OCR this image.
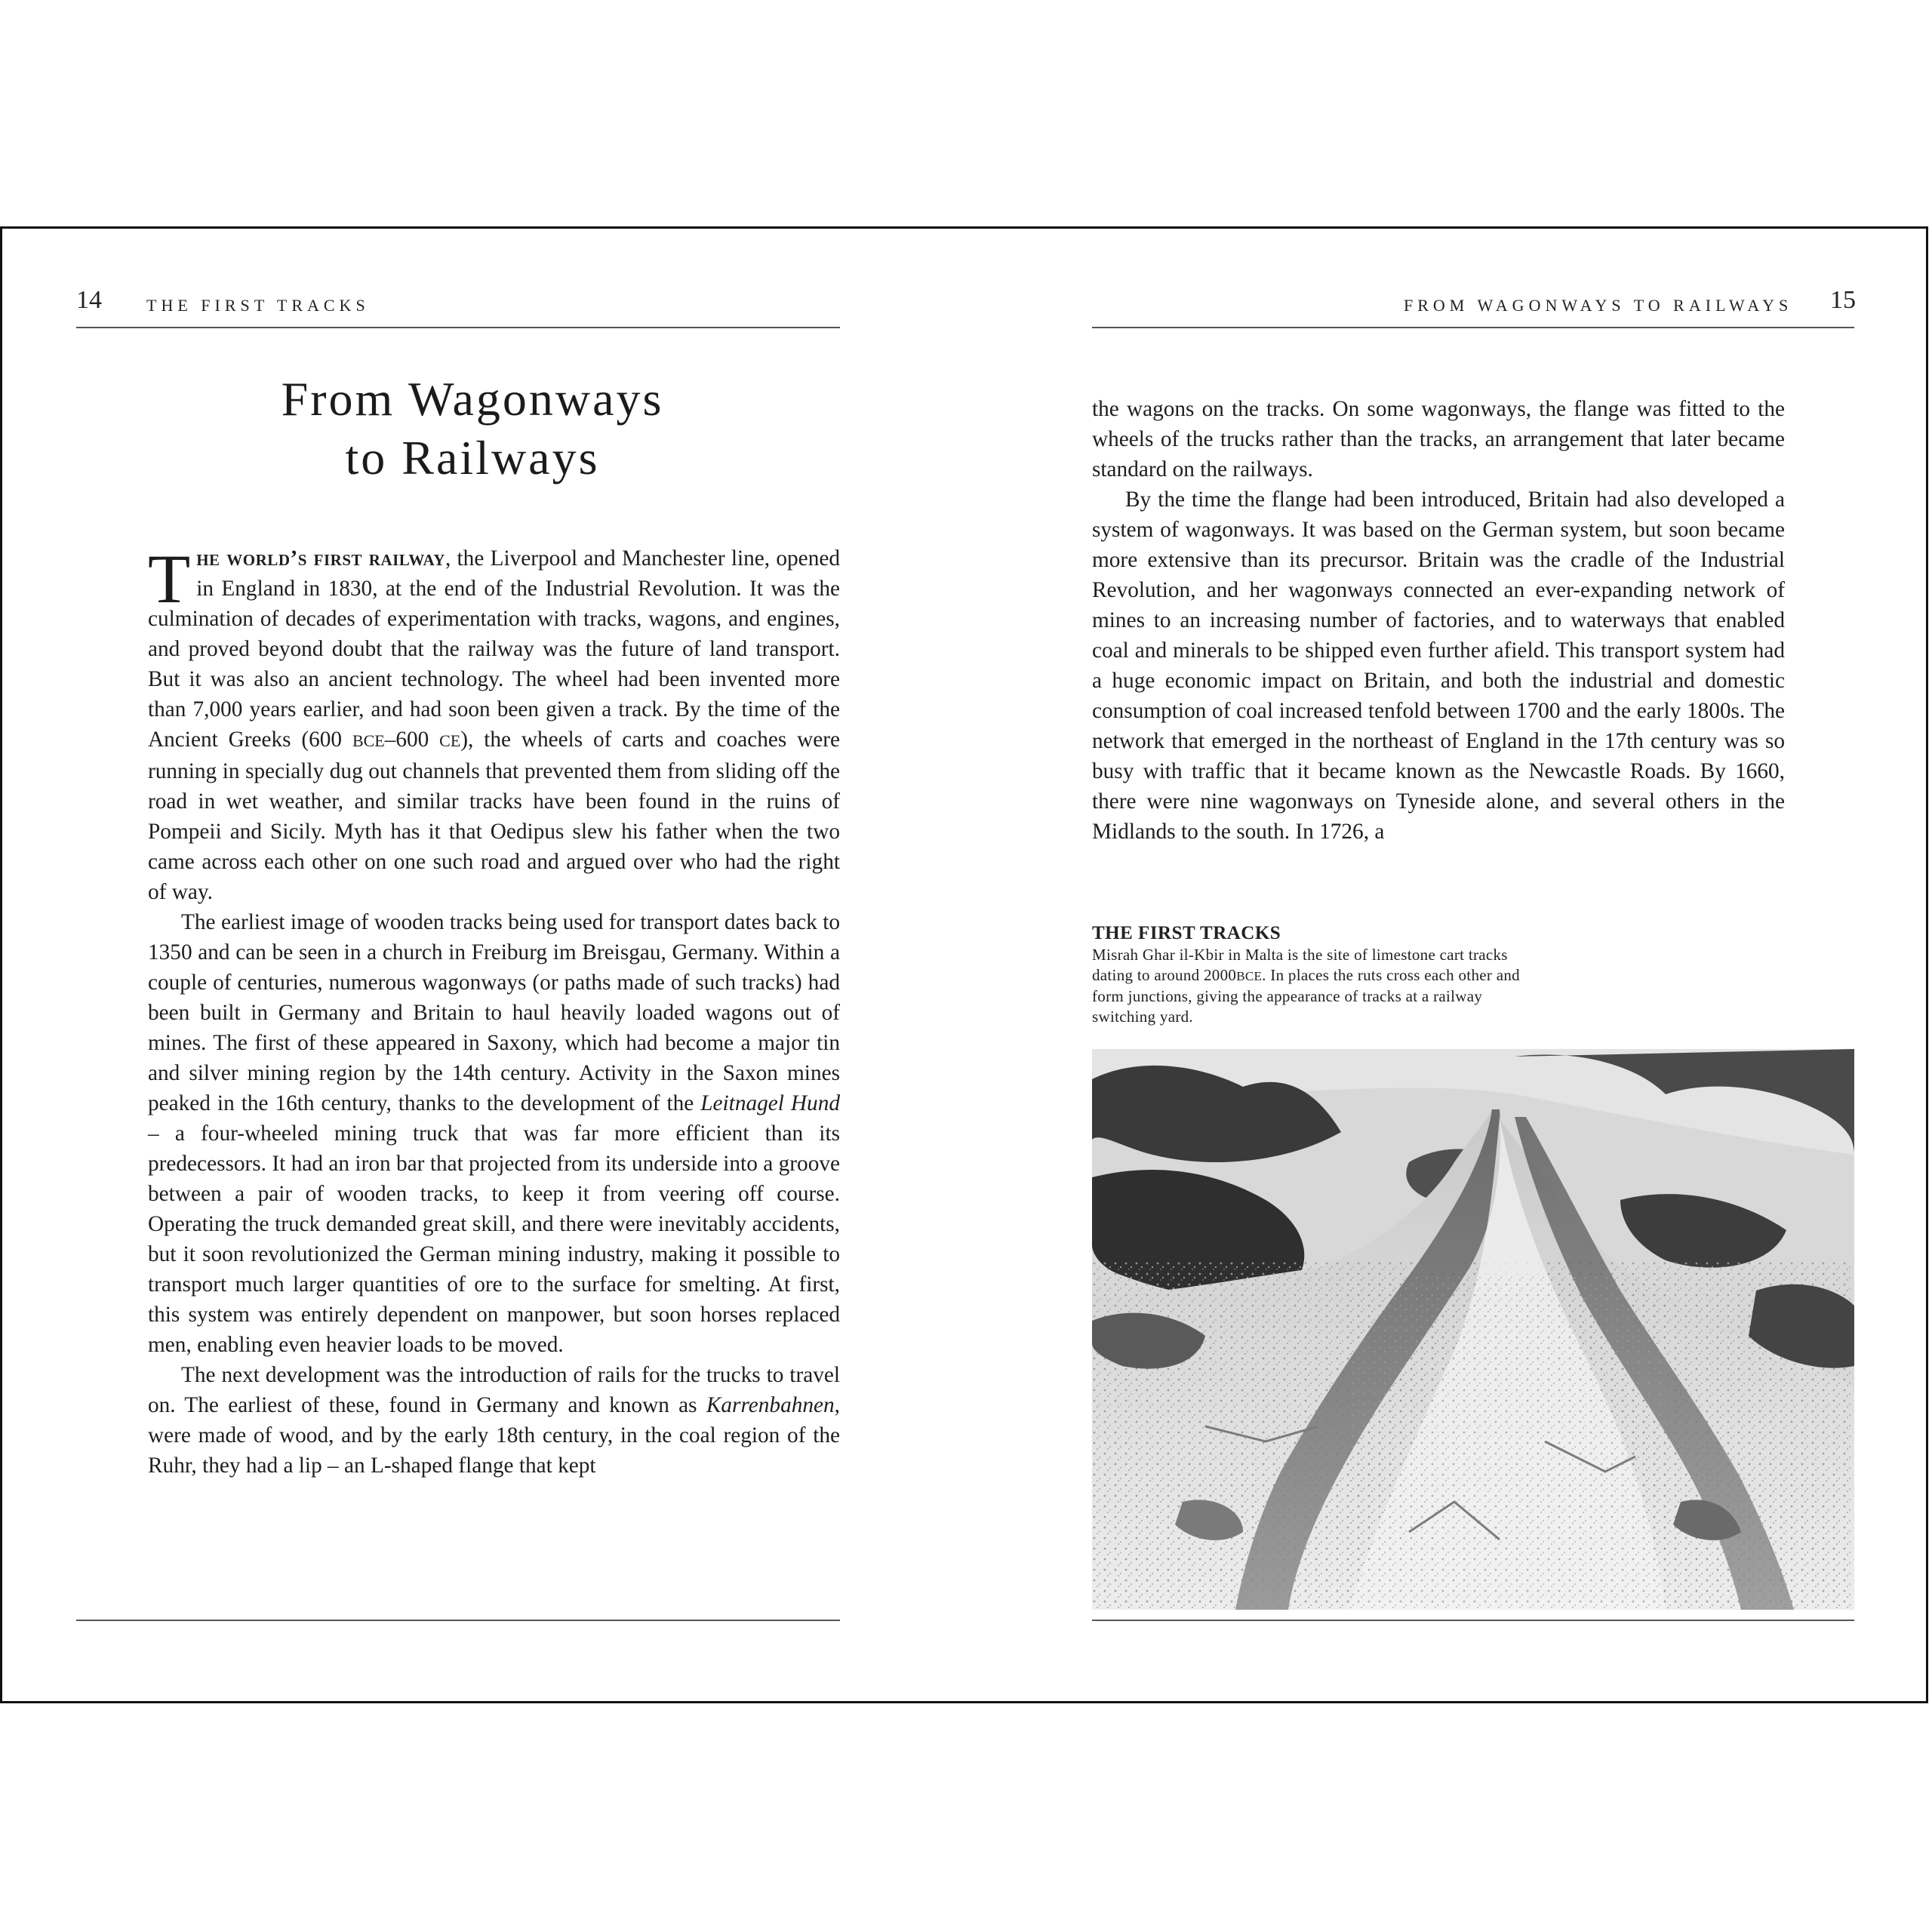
14	THE FIRST TRACKS	FROM WAGONWAYS TO RAILWAYS 15
From Wagonways
to Railways

The world’s first railway, the Liverpool and Manchester line, opened in England in 1830, at the end of the Industrial Revolution. It was the culmination of decades of experimentation with tracks, wagons, and engines, and proved beyond doubt that the railway was the future of land transport. But it was also an ancient technology. The wheel had been invented more than 7,000 years earlier, and had soon been given a track. By the time of the Ancient Greeks (600 BCE–600 CE), the wheels of carts and coaches were running in specially dug out channels that prevented them from sliding off the road in wet weather, and similar tracks have been found in the ruins of Pompeii and Sicily. Myth has it that Oedipus slew his father when the two came across each other on one such road and argued over who had the right of way.

The earliest image of wooden tracks being used for transport dates back to 1350 and can be seen in a church in Freiburg im Breisgau, Germany. Within a couple of centuries, numerous wagonways (or paths made of such tracks) had been built in Germany and Britain to haul heavily loaded wagons out of mines. The first of these appeared in Saxony, which had become a major tin and silver mining region by the 14th century. Activity in the Saxon mines peaked in the 16th century, thanks to the development of the Leitnagel Hund – a four-wheeled mining truck that was far more efficient than its predecessors. It had an iron bar that projected from its underside into a groove between a pair of wooden tracks, to keep it from veering off course. Operating the truck demanded great skill, and there were inevitably accidents, but it soon revolutionized the German mining industry, making it possible to transport much larger quantities of ore to the surface for smelting. At first, this system was entirely dependent on manpower, but soon horses replaced men, enabling even heavier loads to be moved.

The next development was the introduction of rails for the trucks to travel on. The earliest of these, found in Germany and known as Karrenbahnen, were made of wood, and by the early 18th century, in the coal region of the Ruhr, they had a lip – an L-shaped flange that kept

the wagons on the tracks. On some wagonways, the flange was fitted to the wheels of the trucks rather than the tracks, an arrangement that later became standard on the railways.

By the time the flange had been introduced, Britain had also developed a system of wagonways. It was based on the German system, but soon became more extensive than its precursor. Britain was the cradle of the Industrial Revolution, and her wagonways connected an ever-expanding network of mines to an increasing number of factories, and to waterways that enabled coal and minerals to be shipped even further afield. This transport system had a huge economic impact on Britain, and both the industrial and domestic consumption of coal increased tenfold between 1700 and the early 1800s. The network that emerged in the northeast of England in the 17th century was so busy with traffic that it became known as the Newcastle Roads. By 1660, there were nine wagonways on Tyneside alone, and several others in the Midlands to the south. In 1726, a

THE FIRST TRACKS
Misrah Ghar il-Kbir in Malta is the site of limestone cart tracks dating to around 2000BCE. In places the ruts cross each other and form junctions, giving the appearance of tracks at a railway switching yard.
